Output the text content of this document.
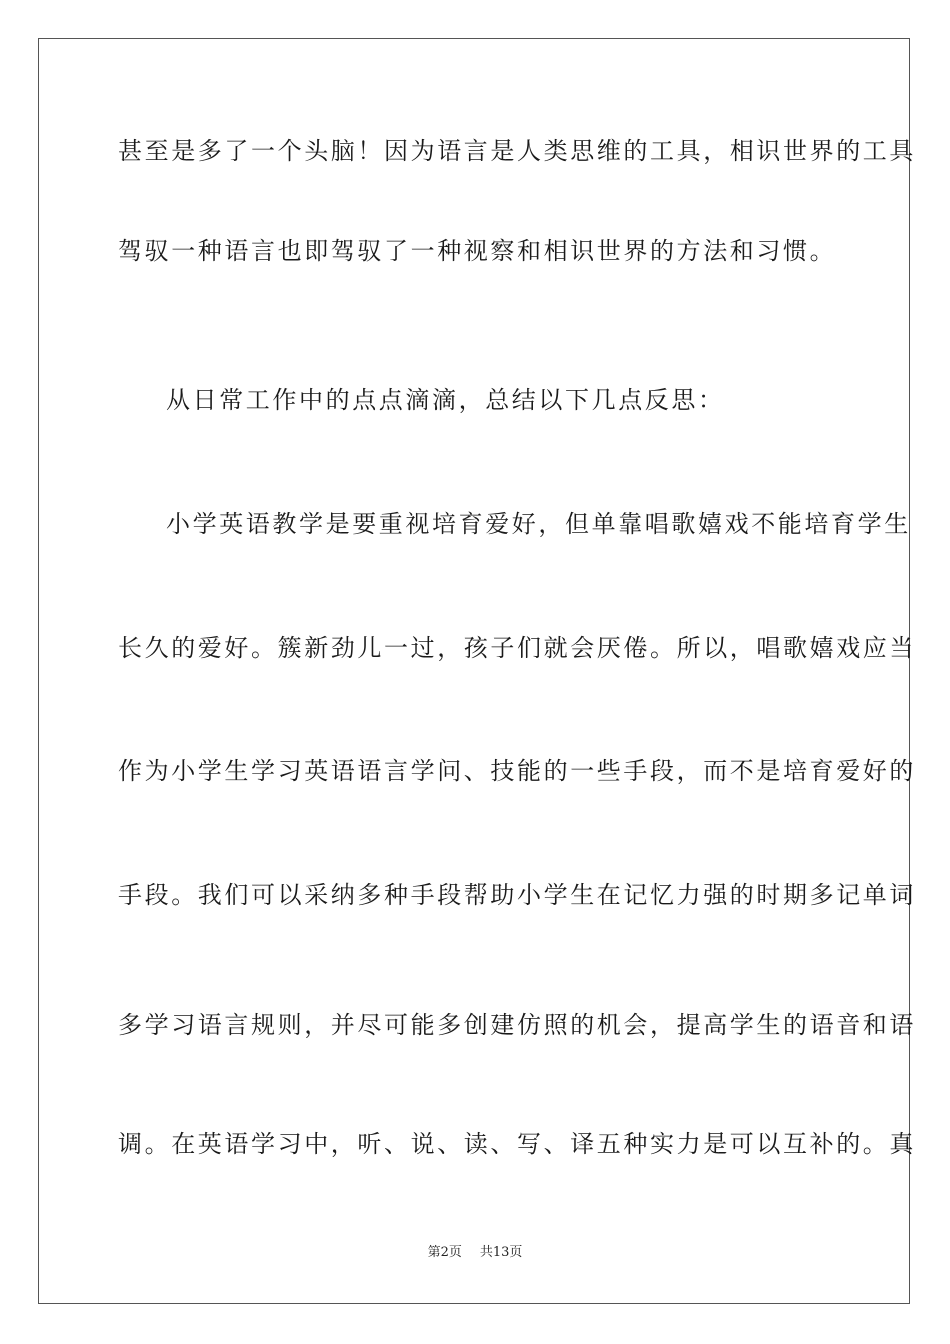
甚至是多了一个头脑！因为语言是人类思维的工具，相识世界的工具
驾驭一种语言也即驾驭了一种视察和相识世界的方法和习惯。
从日常工作中的点点滴滴，总结以下几点反思：
小学英语教学是要重视培育爱好，但单靠唱歌嬉戏不能培育学生
长久的爱好。簇新劲儿一过，孩子们就会厌倦。所以，唱歌嬉戏应当
作为小学生学习英语语言学问、技能的一些手段，而不是培育爱好的
手段。我们可以采纳多种手段帮助小学生在记忆力强的时期多记单词
多学习语言规则，并尽可能多创建仿照的机会，提高学生的语音和语
调。在英语学习中，听、说、读、写、译五种实力是可以互补的。真
第2页 共13页
